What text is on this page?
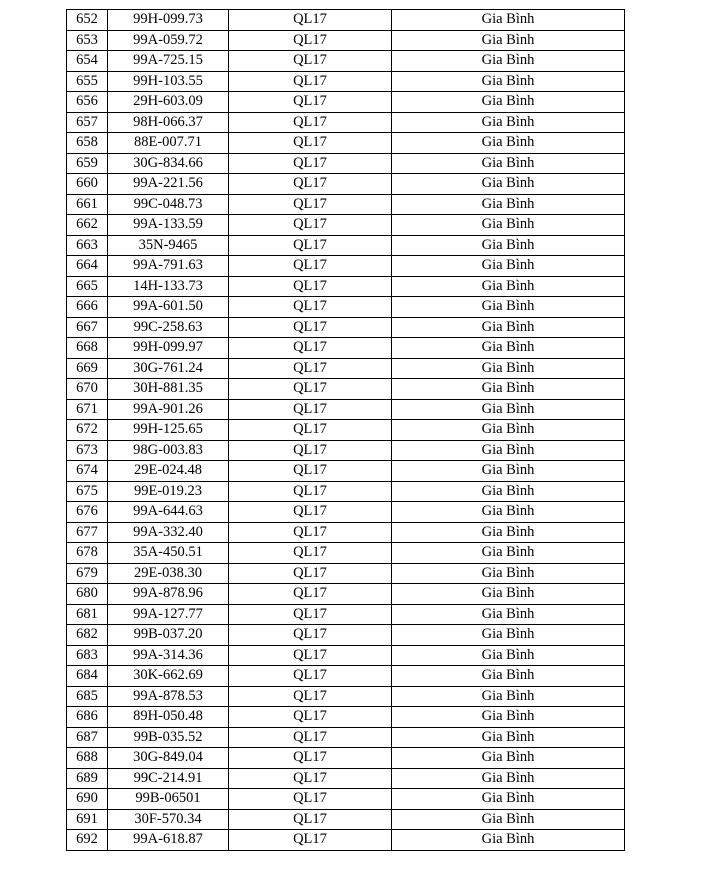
652	99H-099.73	QL17	Gia Bình
653	99A-059.72	QL17	Gia Bình
654	99A-725.15	QL17	Gia Bình
655	99H-103.55	QL17	Gia Bình
656	29H-603.09	QL17	Gia Bình
657	98H-066.37	QL17	Gia Bình
658	88E-007.71	QL17	Gia Bình
659	30G-834.66	QL17	Gia Bình
660	99A-221.56	QL17	Gia Bình
661	99C-048.73	QL17	Gia Bình
662	99A-133.59	QL17	Gia Bình
663	35N-9465	QL17	Gia Bình
664	99A-791.63	QL17	Gia Bình
665	14H-133.73	QL17	Gia Bình
666	99A-601.50	QL17	Gia Bình
667	99C-258.63	QL17	Gia Bình
668	99H-099.97	QL17	Gia Bình
669	30G-761.24	QL17	Gia Bình
670	30H-881.35	QL17	Gia Bình
671	99A-901.26	QL17	Gia Bình
672	99H-125.65	QL17	Gia Bình
673	98G-003.83	QL17	Gia Bình
674	29E-024.48	QL17	Gia Bình
675	99E-019.23	QL17	Gia Bình
676	99A-644.63	QL17	Gia Bình
677	99A-332.40	QL17	Gia Bình
678	35A-450.51	QL17	Gia Bình
679	29E-038.30	QL17	Gia Bình
680	99A-878.96	QL17	Gia Bình
681	99A-127.77	QL17	Gia Bình
682	99B-037.20	QL17	Gia Bình
683	99A-314.36	QL17	Gia Bình
684	30K-662.69	QL17	Gia Bình
685	99A-878.53	QL17	Gia Bình
686	89H-050.48	QL17	Gia Bình
687	99B-035.52	QL17	Gia Bình
688	30G-849.04	QL17	Gia Bình
689	99C-214.91	QL17	Gia Bình
690	99B-06501	QL17	Gia Bình
691	30F-570.34	QL17	Gia Bình
692	99A-618.87	QL17	Gia Bình
